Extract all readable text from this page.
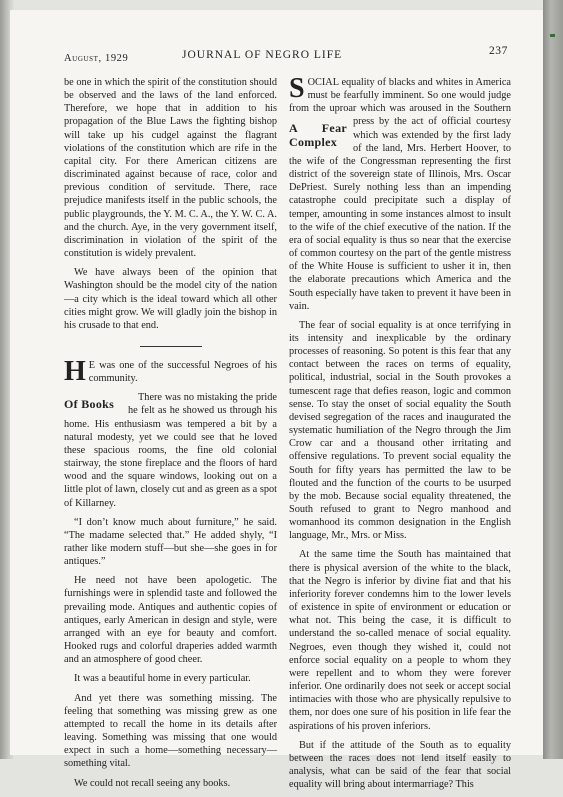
August, 1929	JOURNAL OF NEGRO LIFE	237

be one in which the spirit of the constitution should be observed and the laws of the land enforced. Therefore, we hope that in addition to his propagation of the Blue Laws the fighting bishop will take up his cudgel against the flagrant violations of the constitution which are rife in the capital city. For there American citizens are discriminated against because of race, color and previous condition of servitude. There, race prejudice manifests itself in the public schools, the public playgrounds, the Y. M. C. A., the Y. W. C. A. and the church. Aye, in the very government itself, discrimination in violation of the spirit of the constitution is widely prevalent.

We have always been of the opinion that Washington should be the model city of the nation—a city which is the ideal toward which all other cities might grow. We will gladly join the bishop in his crusade to that end.

H E was one of the successful Negroes of his community.

Of Books	There was no mistaking the pride he felt as he showed us through his home. His enthusiasm was tempered a bit by a natural modesty, yet we could see that he loved these spacious rooms, the fine old colonial stairway, the stone fireplace and the floors of hard wood and the square windows, looking out on a little plot of lawn, closely cut and as green as a spot of Killarney.

“I don’t know much about furniture,” he said. “The madame selected that.” He added shyly, “I rather like modern stuff—but she—she goes in for antiques.”

He need not have been apologetic. The furnishings were in splendid taste and followed the prevailing mode. Antiques and authentic copies of antiques, early American in design and style, were arranged with an eye for beauty and comfort. Hooked rugs and colorful draperies added warmth and an atmosphere of good cheer.

It was a beautiful home in every particular.

And yet there was something missing. The feeling that something was missing grew as one attempted to recall the home in its details after leaving. Something was missing that one would expect in such a home—something necessary—something vital.

We could not recall seeing any books.

SOCIAL equality of blacks and whites in America must be fearfully imminent. So one would judge from the uproar which was aroused in the
A Fear Complex
Southern press by the act of official courtesy which was extended by the first lady of the land, Mrs. Herbert Hoover, to the wife of the Congressman representing the first district of the sovereign state of Illinois, Mrs. Oscar DePriest. Surely nothing less than an impending catastrophe could precipitate such a display of temper, amounting in some instances almost to insult to the wife of the chief executive of the nation. If the era of social equality is thus so near that the exercise of common courtesy on the part of the gentle mistress of the White House is sufficient to usher it in, then the elaborate precautions which America and the South especially have taken to prevent it have been in vain.

The fear of social equality is at once terrifying in its intensity and inexplicable by the ordinary processes of reasoning. So potent is this fear that any contact between the races on terms of equality, political, industrial, social in the South provokes a tumescent rage that defies reason, logic and common sense. To stay the onset of social equality the South devised segregation of the races and inaugurated the systematic humiliation of the Negro through the Jim Crow car and a thousand other irritating and offensive regulations. To prevent social equality the South for fifty years has permitted the law to be flouted and the function of the courts to be usurped by the mob. Because social equality threatened, the South refused to grant to Negro manhood and womanhood its common designation in the English language, Mr., Mrs. or Miss.

At the same time the South has maintained that there is physical aversion of the white to the black, that the Negro is inferior by divine fiat and that his inferiority forever condemns him to the lower levels of existence in spite of environment or education or what not. This being the case, it is difficult to understand the so-called menace of social equality. Negroes, even though they wished it, could not enforce social equality on a people to whom they were repellent and to whom they were forever inferior. One ordinarily does not seek or accept social intimacies with those who are physically repulsive to them, nor does one sure of his position in life fear the aspirations of his proven inferiors.

But if the attitude of the South as to equality between the races does not lend itself easily to analysis, what can be said of the fear that social equality will bring about intermarriage? This
